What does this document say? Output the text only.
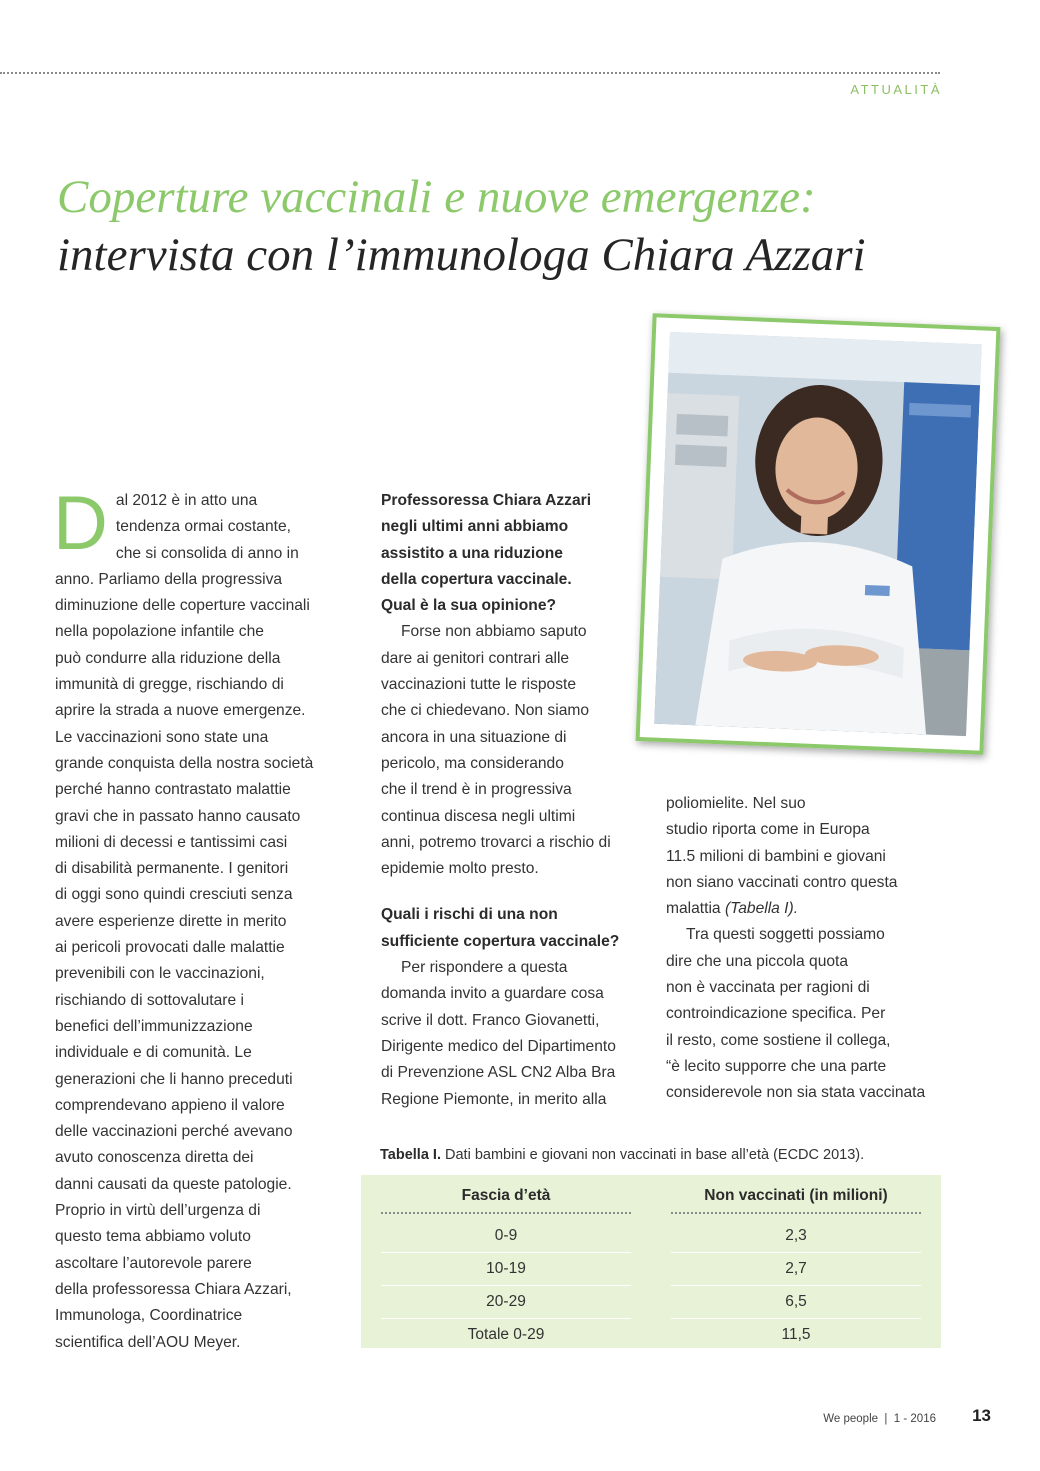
ATTUALITÀ
Coperture vaccinali e nuove emergenze:
intervista con l’immunologa Chiara Azzari
D al 2012 è in atto una

tendenza ormai costante,

che si consolida di anno in

anno. Parliamo della progressiva

diminuzione delle coperture vaccinali

nella popolazione infantile che

può condurre alla riduzione della

immunità di gregge, rischiando di

aprire la strada a nuove emergenze.

Le vaccinazioni sono state una

grande conquista della nostra società

perché hanno contrastato malattie

gravi che in passato hanno causato

milioni di decessi e tantissimi casi

di disabilità permanente. I genitori

di oggi sono quindi cresciuti senza

avere esperienze dirette in merito

ai pericoli provocati dalle malattie

prevenibili con le vaccinazioni,

rischiando di sottovalutare i

benefici dell’immunizzazione

individuale e di comunità. Le

generazioni che li hanno preceduti

comprendevano appieno il valore

delle vaccinazioni perché avevano

avuto conoscenza diretta dei

danni causati da queste patologie.

Proprio in virtù dell’urgenza di

questo tema abbiamo voluto

ascoltare l’autorevole parere

della professoressa Chiara Azzari,

Immunologa, Coordinatrice

scientifica dell’AOU Meyer.

Professoressa Chiara Azzari

negli ultimi anni abbiamo

assistito a una riduzione

della copertura vaccinale.

Qual è la sua opinione?

Forse non abbiamo saputo

dare ai genitori contrari alle

vaccinazioni tutte le risposte

che ci chiedevano. Non siamo

ancora in una situazione di

pericolo, ma considerando

che il trend è in progressiva

continua discesa negli ultimi

anni, potremo trovarci a rischio di

epidemie molto presto.

Quali i rischi di una non

sufficiente copertura vaccinale?

Per rispondere a questa

domanda invito a guardare cosa

scrive il dott. Franco Giovanetti,

Dirigente medico del Dipartimento

di Prevenzione ASL CN2 Alba Bra

Regione Piemonte, in merito alla

poliomielite. Nel suo

studio riporta come in Europa

11.5 milioni di bambini e giovani

non siano vaccinati contro questa

malattia (Tabella I).

Tra questi soggetti possiamo

dire che una piccola quota

non è vaccinata per ragioni di

controindicazione specifica. Per

il resto, come sostiene il collega,

“è lecito supporre che una parte

considerevole non sia stata vaccinata

Tabella I. Dati bambini e giovani non vaccinati in base all’età (ECDC 2013).
Fascia d’età	Non vaccinati (in milioni)
0-9	2,3
10-19	2,7
20-29	6,5
Totale 0-29	11,5
We people  |  1 - 2016 13
